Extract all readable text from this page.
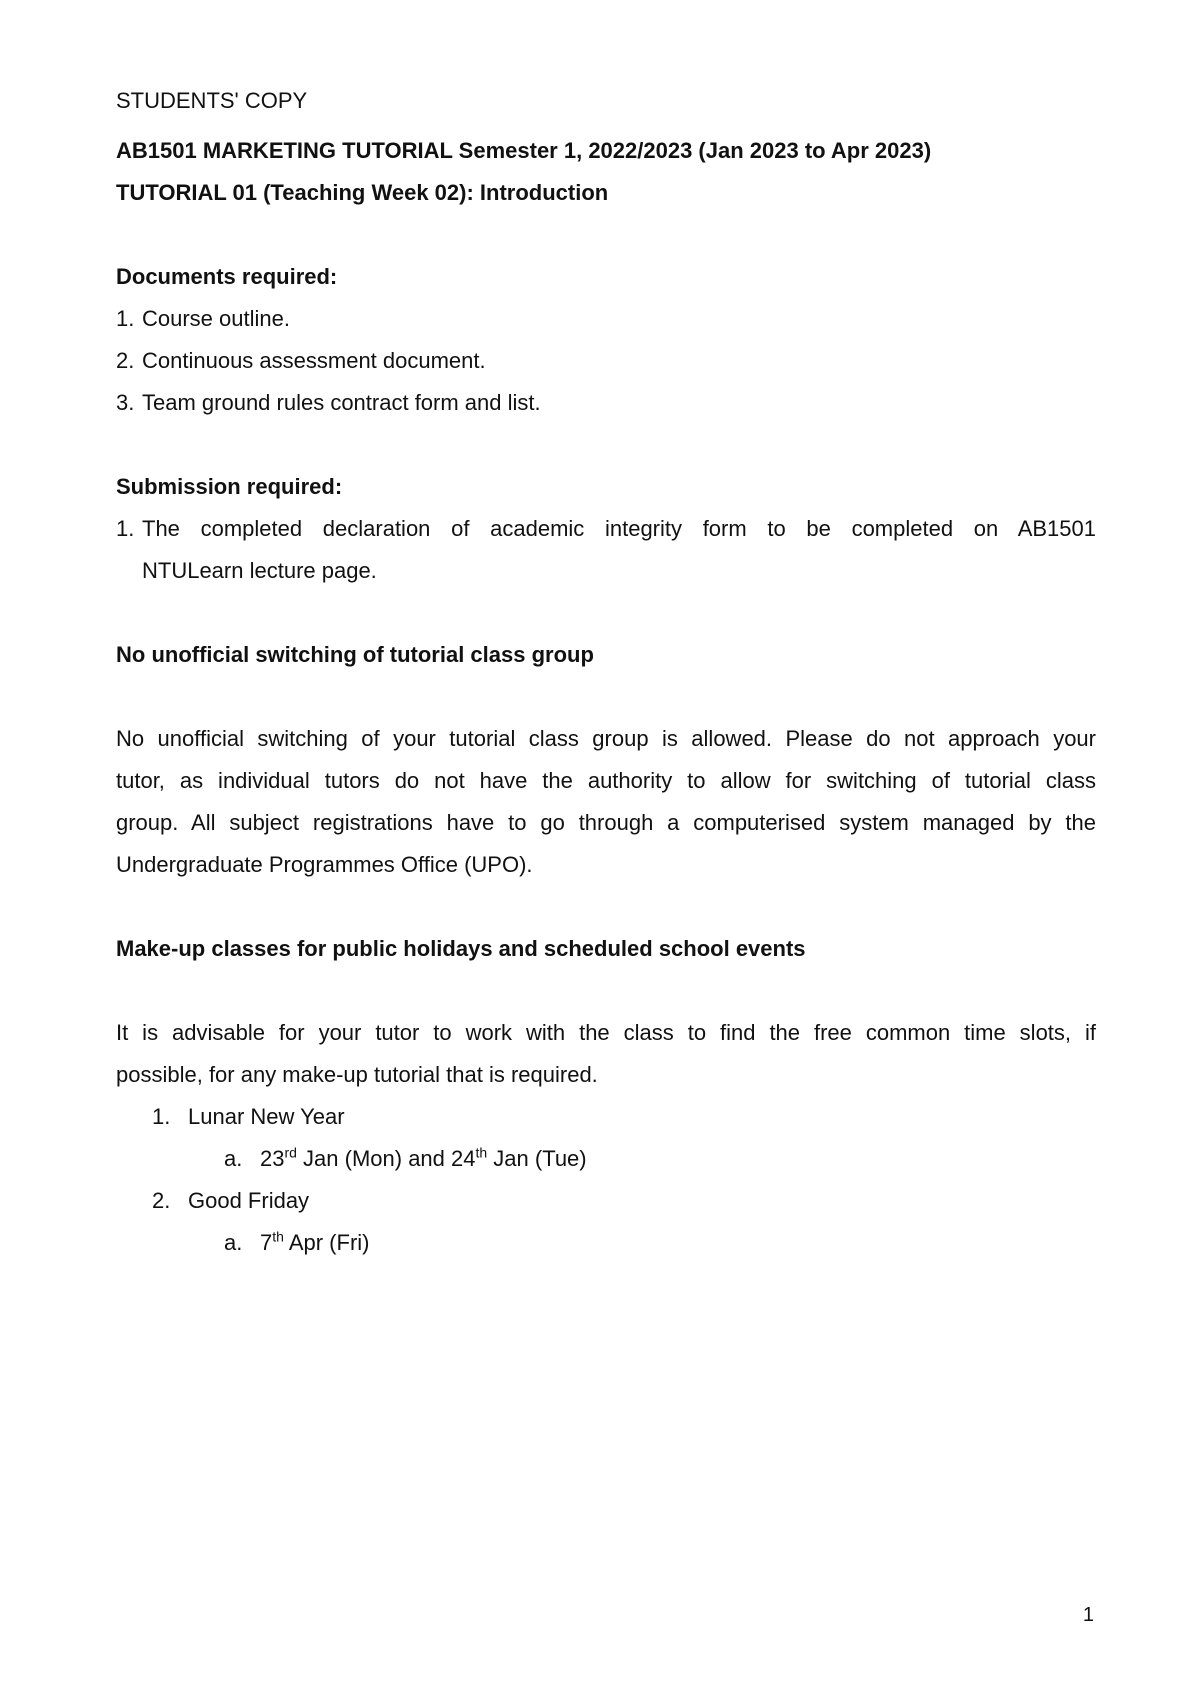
STUDENTS' COPY

AB1501 MARKETING TUTORIAL Semester 1, 2022/2023 (Jan 2023 to Apr 2023)

TUTORIAL 01 (Teaching Week 02): Introduction

Documents required:

1. Course outline.
2. Continuous assessment document.
3. Team ground rules contract form and list.

Submission required:

1. The completed declaration of academic integrity form to be completed on AB1501

NTULearn lecture page.

No unofficial switching of tutorial class group

No unofficial switching of your tutorial class group is allowed. Please do not approach your

tutor, as individual tutors do not have the authority to allow for switching of tutorial class

group. All subject registrations have to go through a computerised system managed by the

Undergraduate Programmes Office (UPO).

Make-up classes for public holidays and scheduled school events

It is advisable for your tutor to work with the class to find the free common time slots, if

possible, for any make-up tutorial that is required.

1. Lunar New Year
a. 23rd Jan (Mon) and 24th Jan (Tue)
2. Good Friday
a. 7th Apr (Fri)
1
